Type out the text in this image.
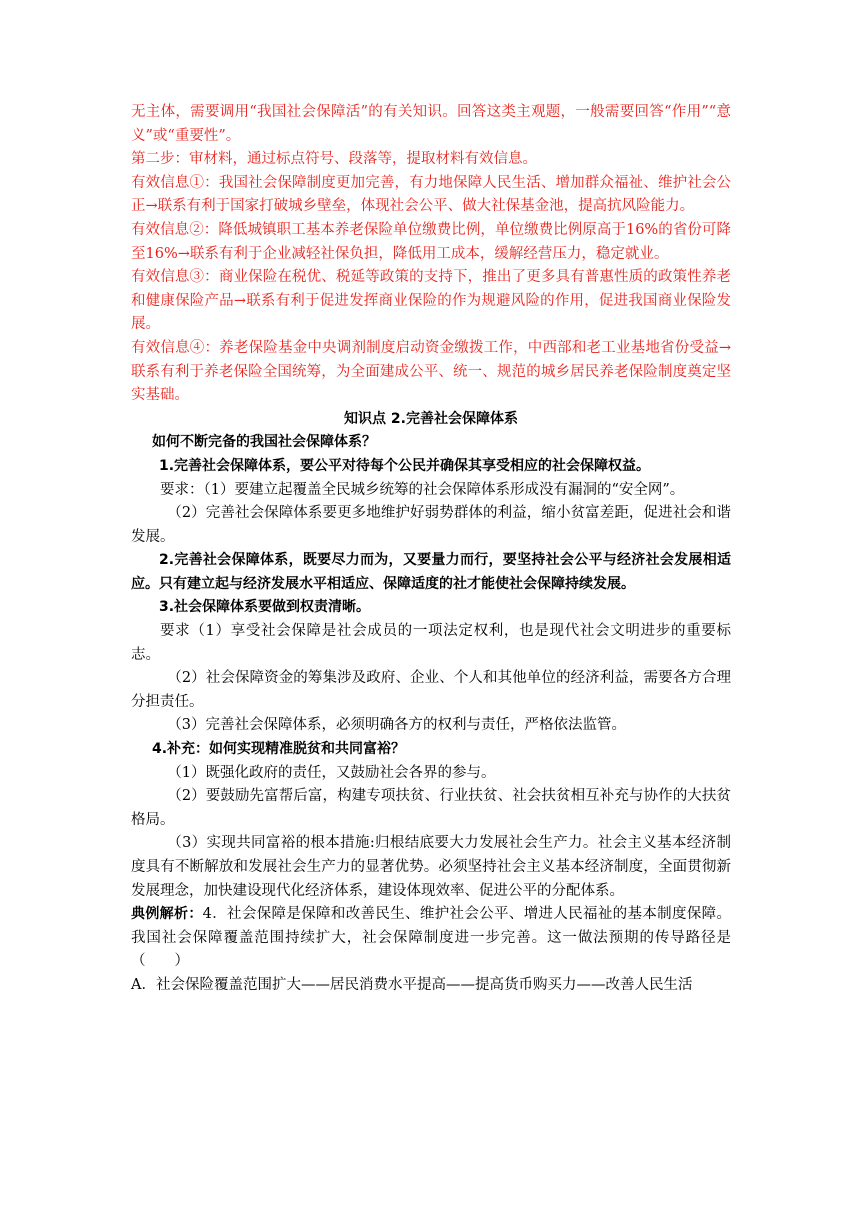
无主体，需要调用“我国社会保障活”的有关知识。回答这类主观题，一般需要回答“作用”“意义”或“重要性”。

第二步：审材料，通过标点符号、段落等，提取材料有效信息。

有效信息①：我国社会保障制度更加完善，有力地保障人民生活、增加群众福祉、维护社会公正→联系有利于国家打破城乡壁垒，体现社会公平、做大社保基金池，提高抗风险能力。

有效信息②：降低城镇职工基本养老保险单位缴费比例，单位缴费比例原高于16%的省份可降至16%→联系有利于企业减轻社保负担，降低用工成本，缓解经营压力，稳定就业。

有效信息③：商业保险在税优、税延等政策的支持下，推出了更多具有普惠性质的政策性养老和健康保险产品→联系有利于促进发挥商业保险的作为规避风险的作用，促进我国商业保险发展。

有效信息④：养老保险基金中央调剂制度启动资金缴拨工作，中西部和老工业基地省份受益→联系有利于养老保险全国统筹，为全面建成公平、统一、规范的城乡居民养老保险制度奠定坚实基础。

知识点 2.完善社会保障体系

如何不断完备的我国社会保障体系？

1.完善社会保障体系，要公平对待每个公民并确保其享受相应的社会保障权益。

要求：（1）要建立起覆盖全民城乡统筹的社会保障体系形成没有漏洞的“安全网”。

（2）完善社会保障体系要更多地维护好弱势群体的利益，缩小贫富差距，促进社会和谐发展。

2.完善社会保障体系，既要尽力而为，又要量力而行，要坚持社会公平与经济社会发展相适应。只有建立起与经济发展水平相适应、保障适度的社才能使社会保障持续发展。

3.社会保障体系要做到权责清晰。

要求（1）享受社会保障是社会成员的一项法定权利，也是现代社会文明进步的重要标志。

（2）社会保障资金的筹集涉及政府、企业、个人和其他单位的经济利益，需要各方合理分担责任。

（3）完善社会保障体系，必须明确各方的权利与责任，严格依法监管。

4.补充：如何实现精准脱贫和共同富裕？

（1）既强化政府的责任，又鼓励社会各界的参与。

（2）要鼓励先富帮后富，构建专项扶贫、行业扶贫、社会扶贫相互补充与协作的大扶贫格局。

（3）实现共同富裕的根本措施:归根结底要大力发展社会生产力。社会主义基本经济制度具有不断解放和发展社会生产力的显著优势。必须坚持社会主义基本经济制度，全面贯彻新发展理念，加快建设现代化经济体系，建设体现效率、促进公平的分配体系。

典例解析：4．社会保障是保障和改善民生、维护社会公平、增进人民福祉的基本制度保障。我国社会保障覆盖范围持续扩大，社会保障制度进一步完善。这一做法预期的传导路径是（　　）

A．社会保险覆盖范围扩大——居民消费水平提高——提高货币购买力——改善人民生活
